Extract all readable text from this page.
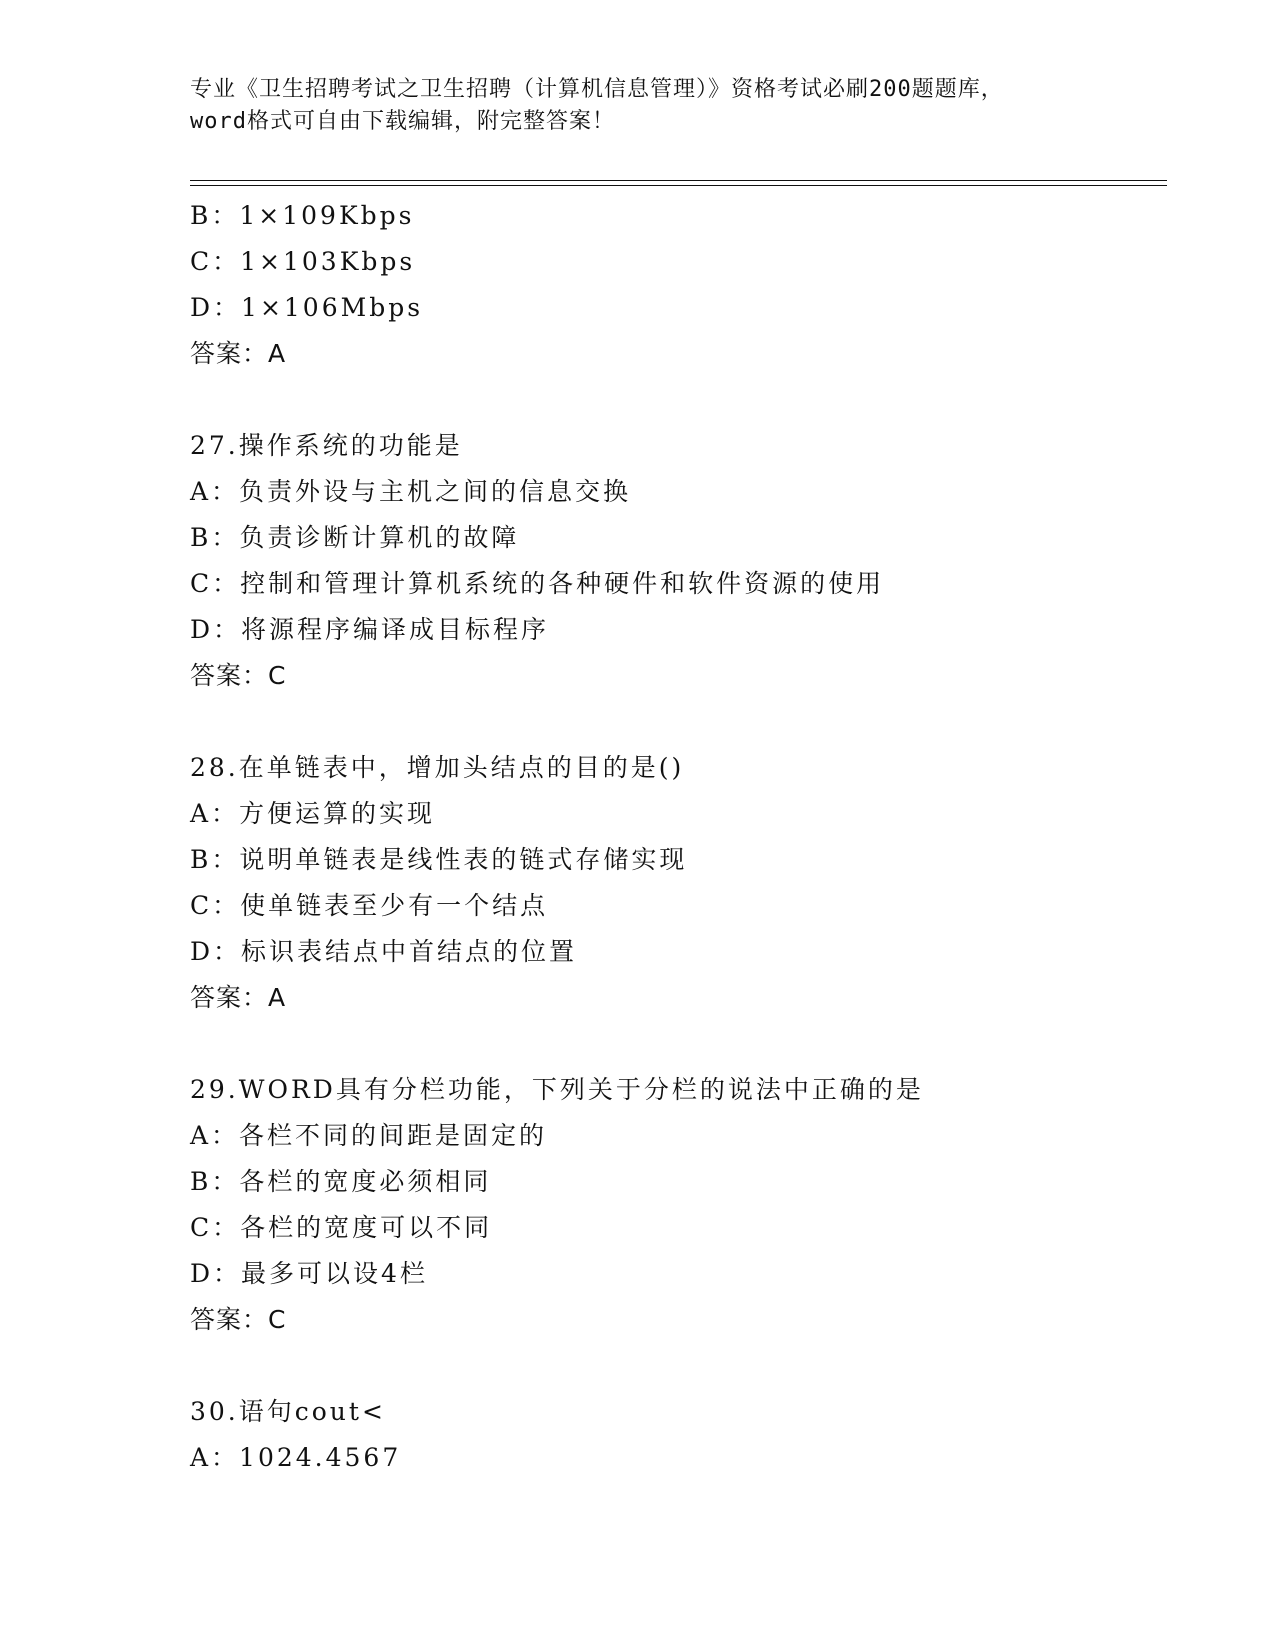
专业《卫生招聘考试之卫生招聘（计算机信息管理）》资格考试必刷200题题库，
word格式可自由下载编辑，附完整答案！
B：1×109Kbps
C：1×103Kbps
D：1×106Mbps
答案：A
27.操作系统的功能是
A：负责外设与主机之间的信息交换
B：负责诊断计算机的故障
C：控制和管理计算机系统的各种硬件和软件资源的使用
D：将源程序编译成目标程序
答案：C
28.在单链表中，增加头结点的目的是()
A：方便运算的实现
B：说明单链表是线性表的链式存储实现
C：使单链表至少有一个结点
D：标识表结点中首结点的位置
答案：A
29.WORD具有分栏功能，下列关于分栏的说法中正确的是
A：各栏不同的间距是固定的
B：各栏的宽度必须相同
C：各栏的宽度可以不同
D：最多可以设4栏
答案：C
30.语句cout<
A：1024.4567
